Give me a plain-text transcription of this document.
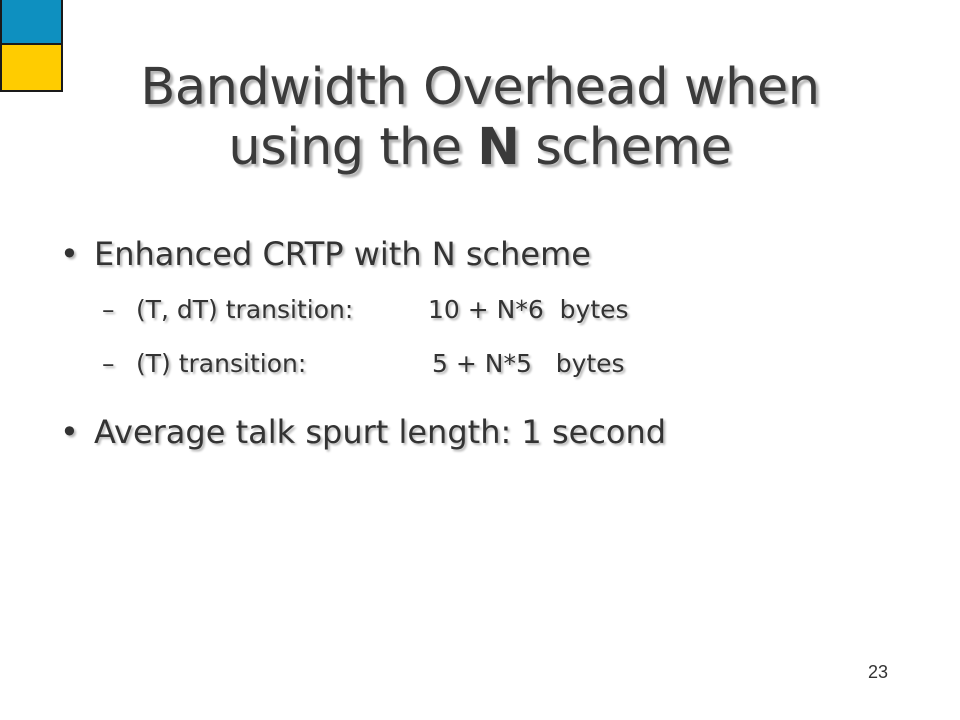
Bandwidth Overhead when
using the N scheme
• Enhanced CRTP with N scheme
– (T, dT) transition:	10 + N*6  bytes
– (T) transition:	5 + N*5   bytes
• Average talk spurt length: 1 second
23
